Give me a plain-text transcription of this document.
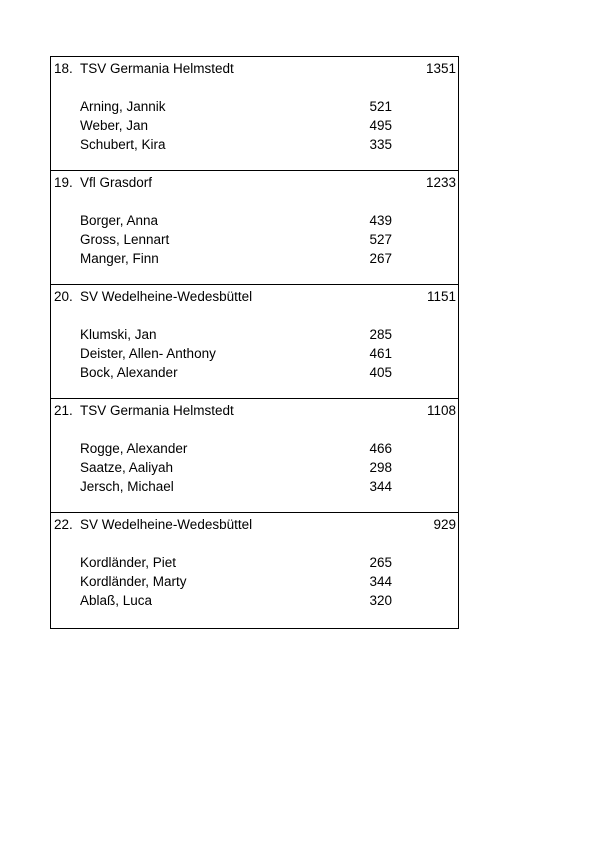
18. TSV Germania Helmstedt	1351
Arning, Jannik	521
Weber, Jan	495
Schubert, Kira	335
19. Vfl Grasdorf	1233
Borger, Anna	439
Gross, Lennart	527
Manger, Finn	267
20. SV Wedelheine-Wedesbüttel	1151
Klumski, Jan	285
Deister, Allen- Anthony	461
Bock, Alexander	405
21. TSV Germania Helmstedt	1108
Rogge, Alexander	466
Saatze, Aaliyah	298
Jersch, Michael	344
22. SV Wedelheine-Wedesbüttel	929
Kordländer, Piet	265
Kordländer, Marty	344
Ablaß, Luca	320
